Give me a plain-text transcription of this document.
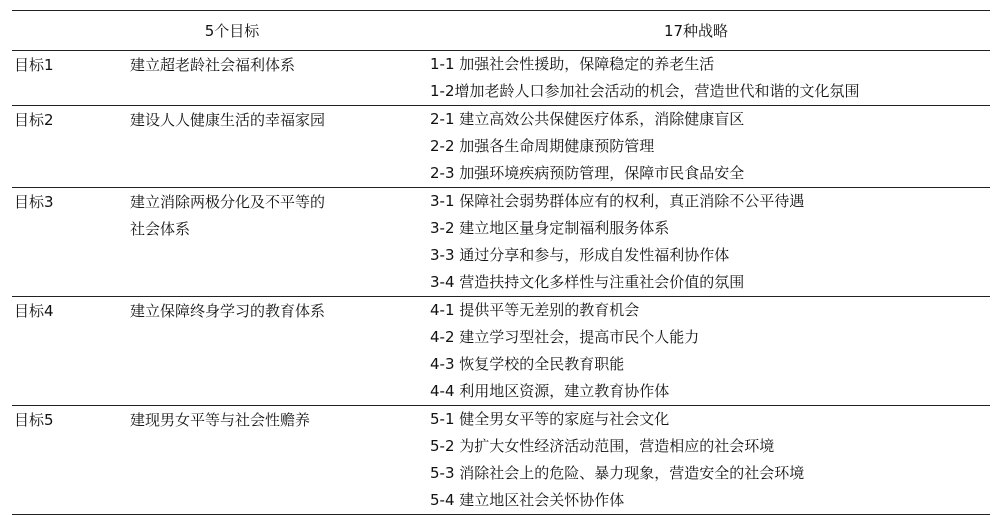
5个目标	17种战略
目标1	建立超老龄社会福利体系	1-1 加强社会性援助，保障稳定的养老生活
1-2增加老龄人口参加社会活动的机会，营造世代和谐的文化氛围
目标2	建设人人健康生活的幸福家园	2-1 建立高效公共保健医疗体系，消除健康盲区
2-2 加强各生命周期健康预防管理
2-3 加强环境疾病预防管理，保障市民食品安全
目标3	建立消除两极分化及不平等的
社会体系
3-1 保障社会弱势群体应有的权利，真正消除不公平待遇
3-2 建立地区量身定制福利服务体系
3-3 通过分享和参与，形成自发性福利协作体
3-4 营造扶持文化多样性与注重社会价值的氛围
目标4	建立保障终身学习的教育体系	4-1 提供平等无差别的教育机会
4-2 建立学习型社会，提高市民个人能力
4-3 恢复学校的全民教育职能
4-4 利用地区资源，建立教育协作体
目标5	建现男女平等与社会性赡养	5-1 健全男女平等的家庭与社会文化
5-2 为扩大女性经济活动范围，营造相应的社会环境
5-3 消除社会上的危险、暴力现象，营造安全的社会环境
5-4 建立地区社会关怀协作体
